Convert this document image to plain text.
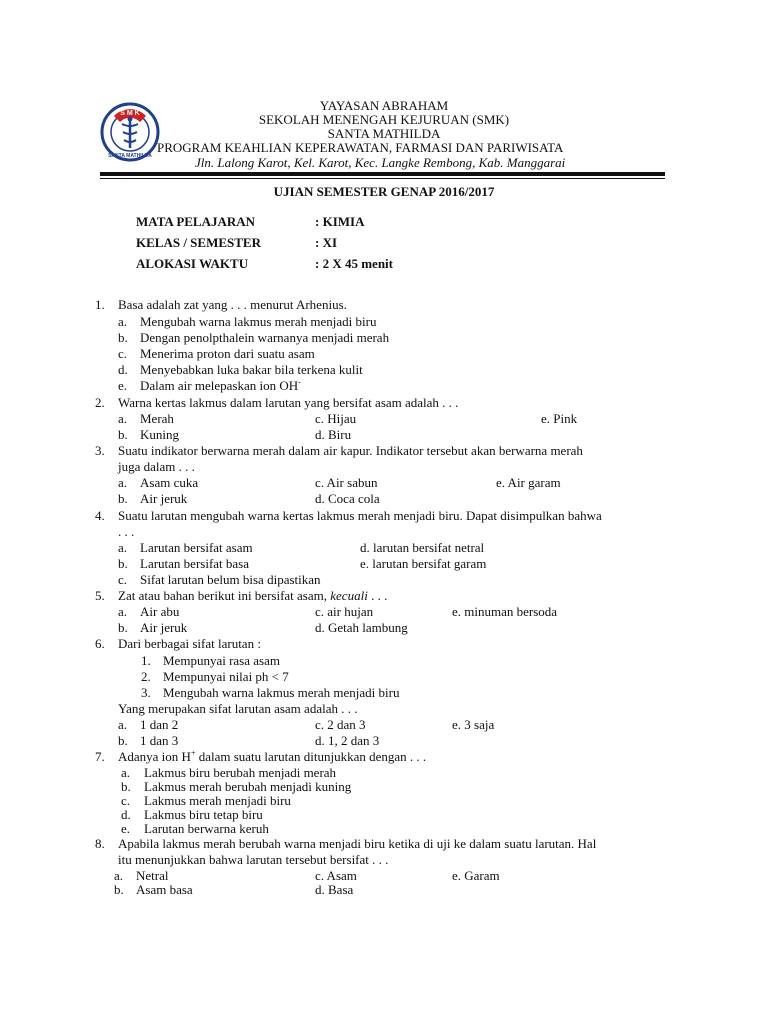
S M K
SANTA MATHILDA
YAYASAN ABRAHAM
SEKOLAH MENENGAH KEJURUAN (SMK)
SANTA MATHILDA
PROGRAM KEAHLIAN KEPERAWATAN, FARMASI DAN PARIWISATA
Jln. Lalong Karot, Kel. Karot, Kec. Langke Rembong, Kab. Manggarai
UJIAN SEMESTER GENAP 2016/2017
MATA PELAJARAN	: KIMIA
KELAS / SEMESTER	: XI
ALOKASI WAKTU	: 2 X 45 menit
1. Basa adalah zat yang . . . menurut Arhenius.
a. Mengubah warna lakmus merah menjadi biru
b. Dengan penolpthalein warnanya menjadi merah
c. Menerima proton dari suatu asam
d. Menyebabkan luka bakar bila terkena kulit
e. Dalam air melepaskan ion OH-
2. Warna kertas lakmus dalam larutan yang bersifat asam adalah . . .
a. Merah	c. Hijau	e. Pink
b. Kuning	d. Biru
3. Suatu indikator berwarna merah dalam air kapur. Indikator tersebut akan berwarna merah
juga dalam . . .
a. Asam cuka	c. Air sabun	e. Air garam
b. Air jeruk	d. Coca cola
4. Suatu larutan mengubah warna kertas lakmus merah menjadi biru. Dapat disimpulkan bahwa
. . .
a. Larutan bersifat asam	d. larutan bersifat netral
b. Larutan bersifat basa	e. larutan bersifat garam
c. Sifat larutan belum bisa dipastikan
5. Zat atau bahan berikut ini bersifat asam, kecuali . . .
a. Air abu	c. air hujan	e. minuman bersoda
b. Air jeruk	d. Getah lambung
6. Dari berbagai sifat larutan :
1. Mempunyai rasa asam
2. Mempunyai nilai ph < 7
3. Mengubah warna lakmus merah menjadi biru
Yang merupakan sifat larutan asam adalah . . .
a. 1 dan 2	c. 2 dan 3	e. 3 saja
b. 1 dan 3	d. 1, 2 dan 3
7. Adanya ion H+ dalam suatu larutan ditunjukkan dengan . . .
a. Lakmus biru berubah menjadi merah
b. Lakmus merah berubah menjadi kuning
c. Lakmus merah menjadi biru
d. Lakmus biru tetap biru
e. Larutan berwarna keruh
8. Apabila lakmus merah berubah warna menjadi biru ketika di uji ke dalam suatu larutan. Hal
itu menunjukkan bahwa larutan tersebut bersifat . . .
a. Netral	c. Asam	e. Garam
b. Asam basa	d. Basa
